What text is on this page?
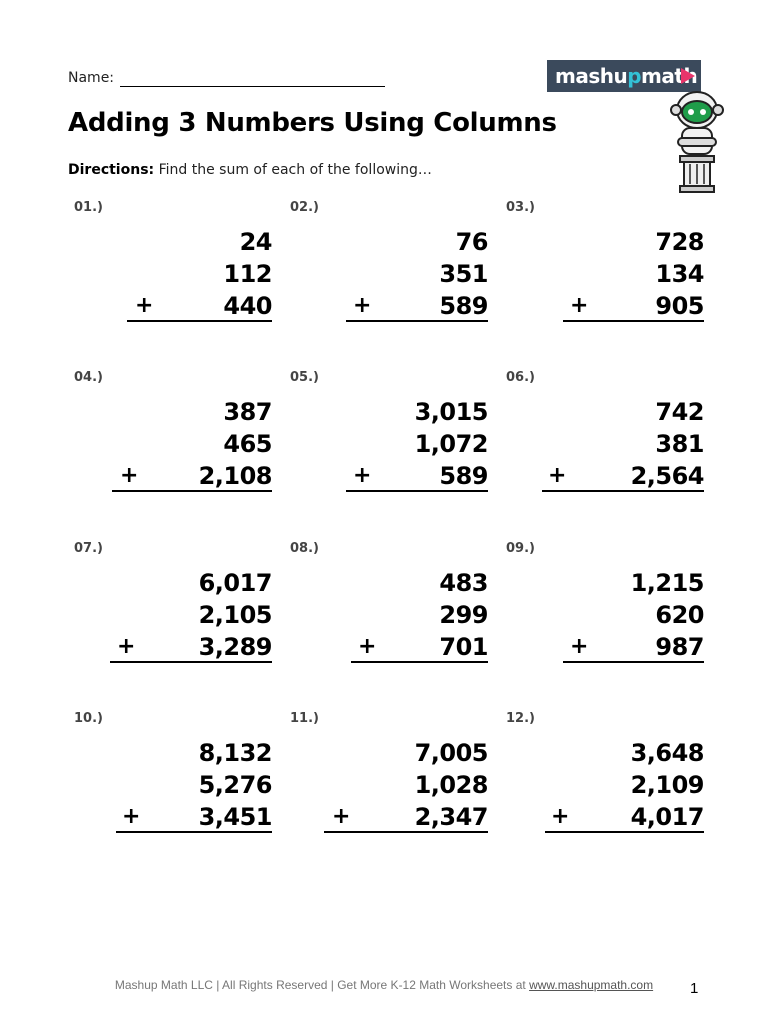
Name:	mashu p math
Adding 3 Numbers Using Columns
Directions: Find the sum of each of the following…
01.)
24
112
440
+
02.)
76
351
589
+
03.)
728
134
905
+
04.)
387
465
2,108
+
05.)
3,015
1,072
589
+
06.)
742
381
2,564
+
07.)
6,017
2,105
3,289
+
08.)
483
299
701
+
09.)
1,215
620
987
+
10.)
8,132
5,276
3,451
+
11.)
7,005
1,028
2,347
+
12.)
3,648
2,109
4,017
+
Mashup Math LLC | All Rights Reserved | Get More K-12 Math Worksheets at www.mashupmath.com	1
